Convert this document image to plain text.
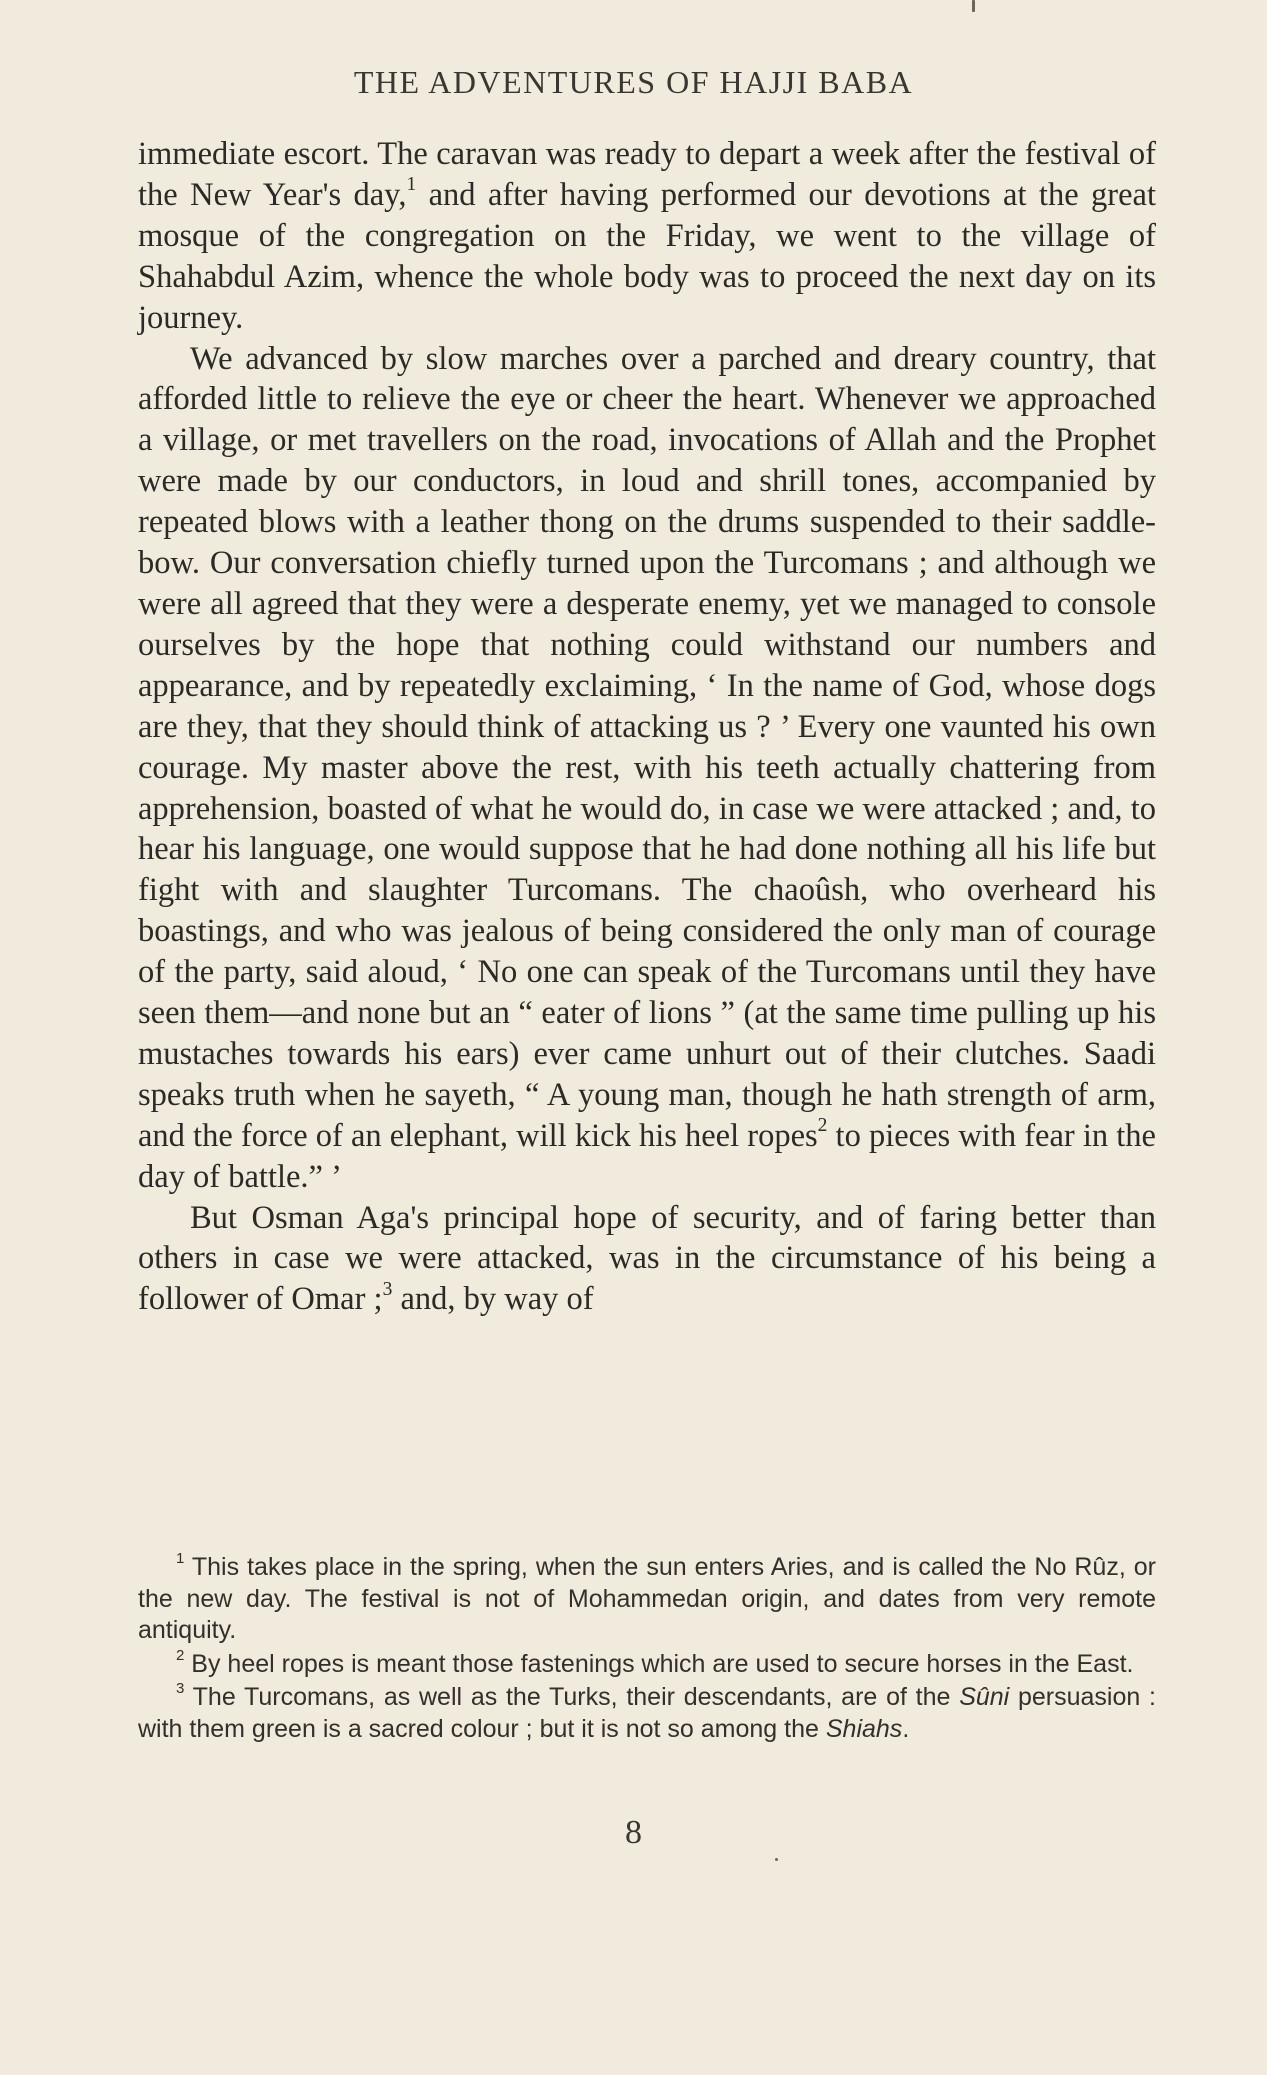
THE ADVENTURES OF HAJJI BABA

immediate escort. The caravan was ready to depart a week after the festival of the New Year's day,$^1$ and after having performed our devotions at the great mosque of the congregation on the Friday, we went to the village of Shahabdul Azim, whence the whole body was to proceed the next day on its journey.

We advanced by slow marches over a parched and dreary country, that afforded little to relieve the eye or cheer the heart. Whenever we approached a village, or met travellers on the road, invocations of Allah and the Prophet were made by our conductors, in loud and shrill tones, accompanied by repeated blows with a leather thong on the drums suspended to their saddle-bow. Our conversation chiefly turned upon the Turcomans ; and although we were all agreed that they were a desperate enemy, yet we managed to console ourselves by the hope that nothing could withstand our numbers and appearance, and by repeatedly exclaiming, ‘ In the name of God, whose dogs are they, that they should think of attacking us ? ’ Every one vaunted his own courage. My master above the rest, with his teeth actually chattering from apprehension, boasted of what he would do, in case we were attacked ; and, to hear his language, one would suppose that he had done nothing all his life but fight with and slaughter Turcomans. The chaoûsh, who overheard his boastings, and who was jealous of being considered the only man of courage of the party, said aloud, ‘ No one can speak of the Turcomans until they have seen them—and none but an “ eater of lions ” (at the same time pulling up his mustaches towards his ears) ever came unhurt out of their clutches. Saadi speaks truth when he sayeth, “ A young man, though he hath strength of arm, and the force of an elephant, will kick his heel ropes$^2$ to pieces with fear in the day of battle.” ’

But Osman Aga's principal hope of security, and of faring better than others in case we were attacked, was in the circumstance of his being a follower of Omar ;$^3$ and, by way of

$^1$ This takes place in the spring, when the sun enters Aries, and is called the No Rûz, or the new day. The festival is not of Mohammedan origin, and dates from very remote antiquity.

$^2$ By heel ropes is meant those fastenings which are used to secure horses in the East.

$^3$ The Turcomans, as well as the Turks, their descendants, are of the Sûni persuasion : with them green is a sacred colour ; but it is not so among the Shiahs.

8
